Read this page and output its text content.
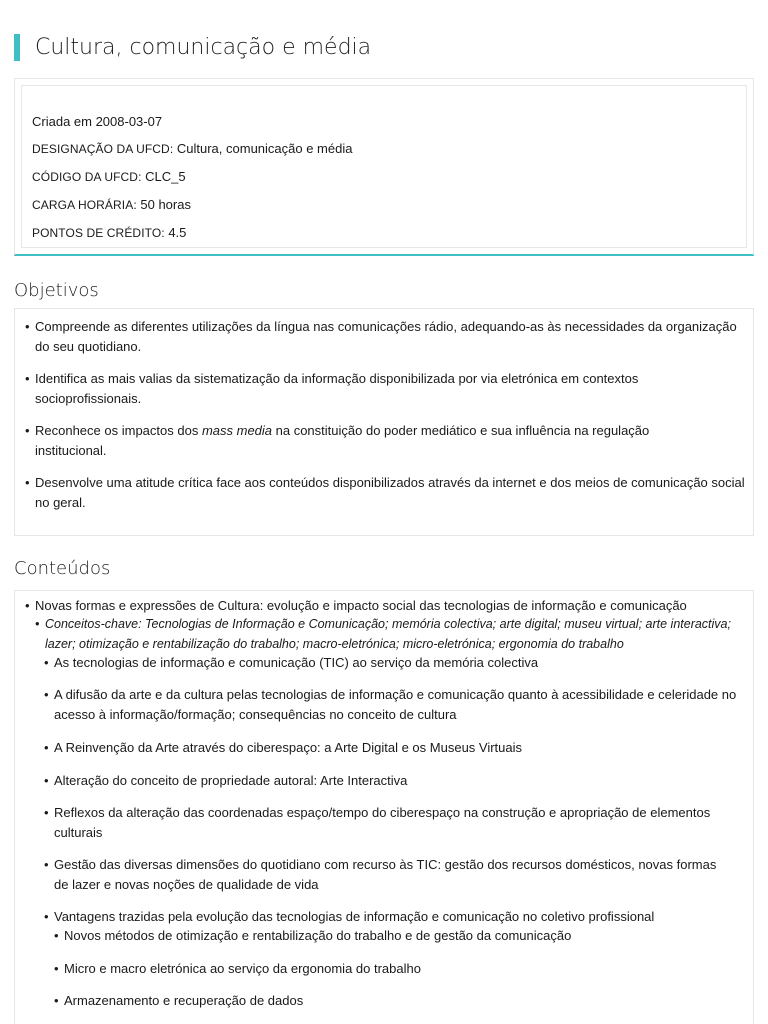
Cultura, comunicação e média
Criada em 2008-03-07
DESIGNAÇÃO DA UFCD: Cultura, comunicação e média
CÓDIGO DA UFCD: CLC_5
CARGA HORÁRIA: 50 horas
PONTOS DE CRÉDITO: 4.5
Objetivos
• Compreende as diferentes utilizações da língua nas comunicações rádio, adequando-as às necessidades da organização do seu quotidiano.
• Identifica as mais valias da sistematização da informação disponibilizada por via eletrónica em contextos socioprofissionais.
• Reconhece os impactos dos mass media na constituição do poder mediático e sua influência na regulação institucional.
• Desenvolve uma atitude crítica face aos conteúdos disponibilizados através da internet e dos meios de comunicação social no geral.
Conteúdos
• Novas formas e expressões de Cultura: evolução e impacto social das tecnologias de informação e comunicação
• Conceitos-chave: Tecnologias de Informação e Comunicação; memória colectiva; arte digital; museu virtual; arte interactiva; lazer; otimização e rentabilização do trabalho; macro-eletrónica; micro-eletrónica; ergonomia do trabalho
• As tecnologias de informação e comunicação (TIC) ao serviço da memória colectiva
• A difusão da arte e da cultura pelas tecnologias de informação e comunicação quanto à acessibilidade e celeridade no acesso à informação/formação; consequências no conceito de cultura
• A Reinvenção da Arte através do ciberespaço: a Arte Digital e os Museus Virtuais
• Alteração do conceito de propriedade autoral: Arte Interactiva
• Reflexos da alteração das coordenadas espaço/tempo do ciberespaço na construção e apropriação de elementos culturais
• Gestão das diversas dimensões do quotidiano com recurso às TIC: gestão dos recursos domésticos, novas formas de lazer e novas noções de qualidade de vida
• Vantagens trazidas pela evolução das tecnologias de informação e comunicação no coletivo profissional
• Novos métodos de otimização e rentabilização do trabalho e de gestão da comunicação
• Micro e macro eletrónica ao serviço da ergonomia do trabalho
• Armazenamento e recuperação de dados
